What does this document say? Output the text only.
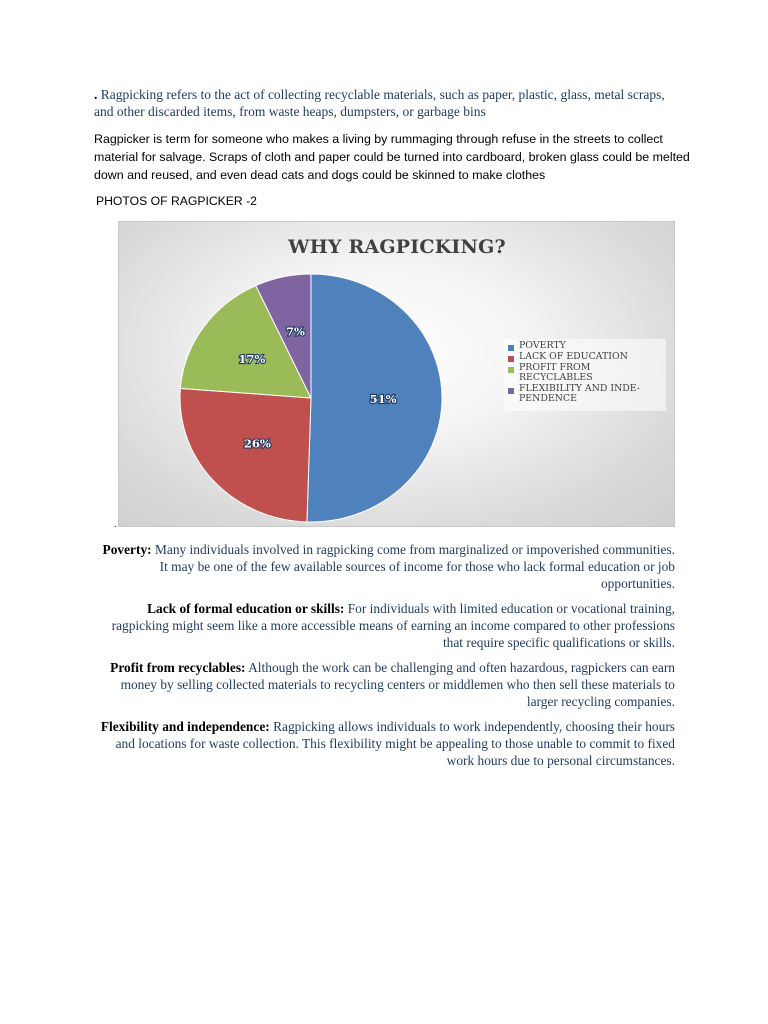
. Ragpicking refers to the act of collecting recyclable materials, such as paper, plastic, glass, metal scraps, and other discarded items, from waste heaps, dumpsters, or garbage bins

Ragpicker is term for someone who makes a living by rummaging through refuse in the streets to collect material for salvage. Scraps of cloth and paper could be turned into cardboard, broken glass could be melted down and reused, and even dead cats and dogs could be skinned to make clothes

PHOTOS OF RAGPICKER -2

WHY RAGPICKING?
51%
26%
17%
7%
POVERTY
LACK OF EDUCATION
PROFIT FROM RECYCLABLES
FLEXIBILITY AND INDE-
PENDENCE
.

Poverty: Many individuals involved in ragpicking come from marginalized or impoverished communities. It may be one of the few available sources of income for those who lack formal education or job opportunities.

Lack of formal education or skills: For individuals with limited education or vocational training, ragpicking might seem like a more accessible means of earning an income compared to other professions that require specific qualifications or skills.

Profit from recyclables: Although the work can be challenging and often hazardous, ragpickers can earn money by selling collected materials to recycling centers or middlemen who then sell these materials to larger recycling companies.

Flexibility and independence: Ragpicking allows individuals to work independently, choosing their hours and locations for waste collection. This flexibility might be appealing to those unable to commit to fixed work hours due to personal circumstances.
